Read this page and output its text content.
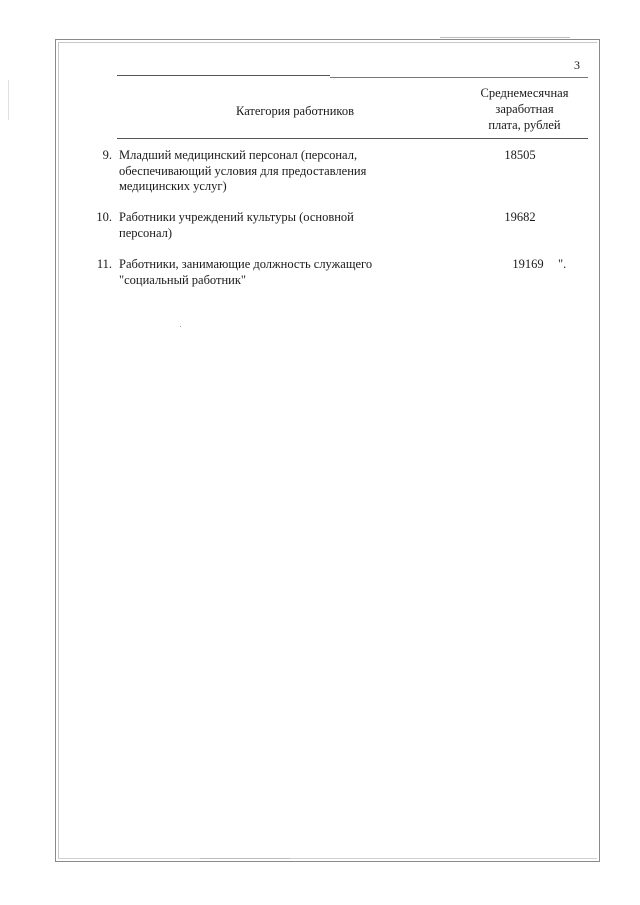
3
Категория работников
Среднемесячная
заработная
плата, рублей
9. Младший медицинский персонал (персонал,
обеспечивающий условия для предоставления
медицинских услуг)
18505
10. Работники учреждений культуры (основной
персонал)
19682
11. Работники, занимающие должность служащего
"социальный работник"
19169	".
